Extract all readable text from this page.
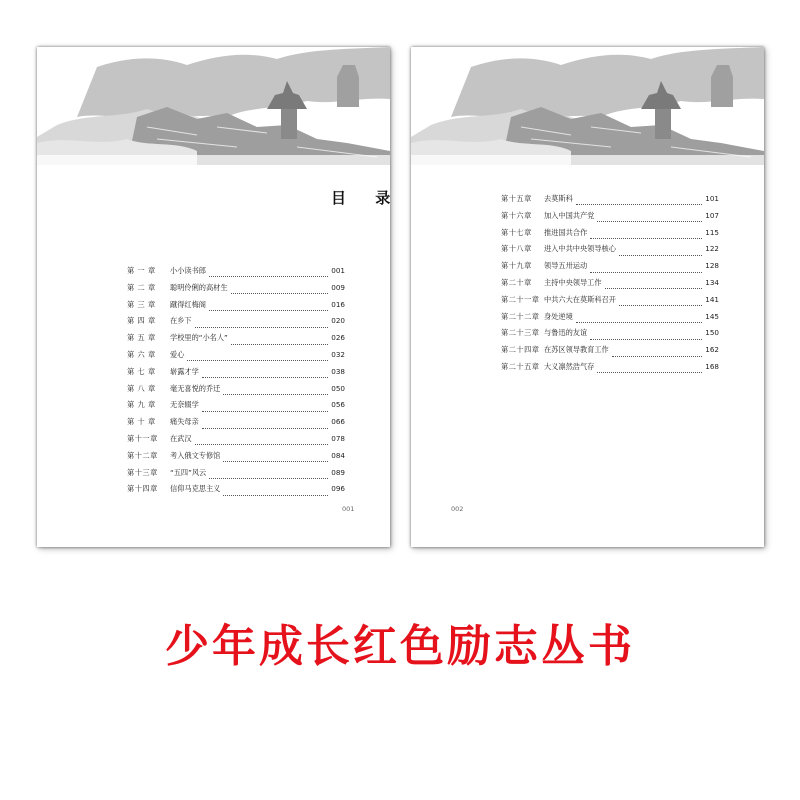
目 录
第 一 章	小小读书郎	001
第 二 章	聪明伶俐的高材生	009
第 三 章	蹴得红梅阁	016
第 四 章	在乡下	020
第 五 章	学校里的“小名人”	026
第 六 章	爱心	032
第 七 章	崭露才学	038
第 八 章	毫无喜悦的乔迁	050
第 九 章	无奈辍学	056
第 十 章	痛失母亲	066
第十一章	在武汉	078
第十二章	考入俄文专修馆	084
第十三章	“五四”风云	089
第十四章	信仰马克思主义	096
001
第十五章	去莫斯科	101
第十六章	加入中国共产党	107
第十七章	推进国共合作	115
第十八章	进入中共中央领导核心	122
第十九章	领导五卅运动	128
第二十章	主持中央领导工作	134
第二十一章 中共六大在莫斯科召开	141
第二十二章 身处逆境	145
第二十三章 与鲁迅的友谊	150
第二十四章 在苏区领导教育工作	162
第二十五章 大义凛然浩气存	168
002
少年成长红色励志丛书
